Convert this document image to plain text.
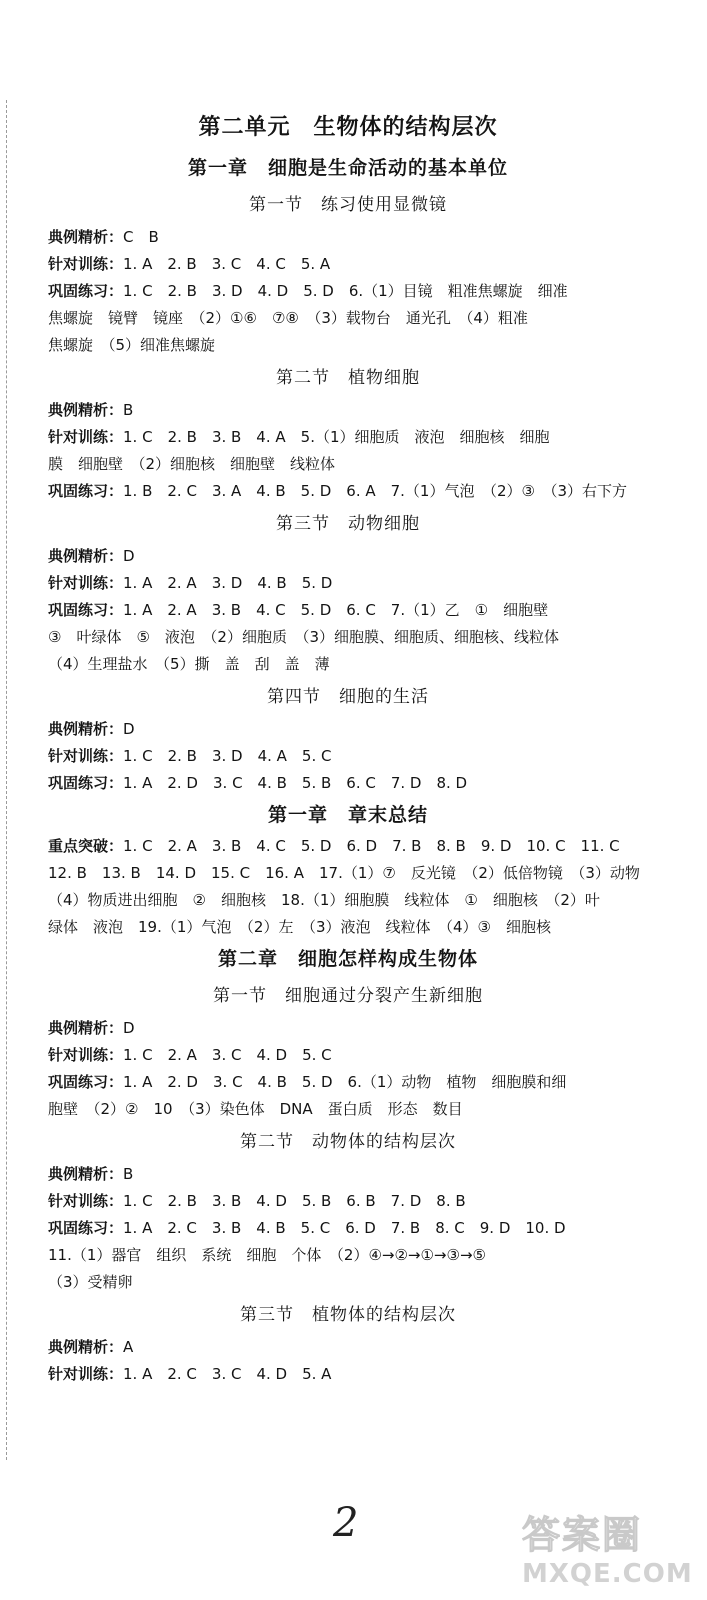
第二单元　生物体的结构层次
第一章　细胞是生命活动的基本单位
第一节　练习使用显微镜
典例精析：C　B
针对训练：1. A　2. B　3. C　4. C　5. A
巩固练习：1. C　2. B　3. D　4. D　5. D　6.（1）目镜　粗准焦螺旋　细准
焦螺旋　镜臂　镜座　（2）①⑥　⑦⑧　（3）载物台　通光孔　（4）粗准
焦螺旋　（5）细准焦螺旋
第二节　植物细胞
典例精析：B
针对训练：1. C　2. B　3. B　4. A　5.（1）细胞质　液泡　细胞核　细胞
膜　细胞壁　（2）细胞核　细胞壁　线粒体
巩固练习：1. B　2. C　3. A　4. B　5. D　6. A　7.（1）气泡　（2）③　（3）右下方
第三节　动物细胞
典例精析：D
针对训练：1. A　2. A　3. D　4. B　5. D
巩固练习：1. A　2. A　3. B　4. C　5. D　6. C　7.（1）乙　①　细胞壁
③　叶绿体　⑤　液泡　（2）细胞质　（3）细胞膜、细胞质、细胞核、线粒体
（4）生理盐水　（5）撕　盖　刮　盖　薄
第四节　细胞的生活
典例精析：D
针对训练：1. C　2. B　3. D　4. A　5. C
巩固练习：1. A　2. D　3. C　4. B　5. B　6. C　7. D　8. D
第一章　章末总结
重点突破：1. C　2. A　3. B　4. C　5. D　6. D　7. B　8. B　9. D　10. C　11. C
12. B　13. B　14. D　15. C　16. A　17.（1）⑦　反光镜　（2）低倍物镜　（3）动物
（4）物质进出细胞　②　细胞核　18.（1）细胞膜　线粒体　①　细胞核　（2）叶
绿体　液泡　19.（1）气泡　（2）左　（3）液泡　线粒体　（4）③　细胞核
第二章　细胞怎样构成生物体
第一节　细胞通过分裂产生新细胞
典例精析：D
针对训练：1. C　2. A　3. C　4. D　5. C
巩固练习：1. A　2. D　3. C　4. B　5. D　6.（1）动物　植物　细胞膜和细
胞壁　（2）②　10　（3）染色体　DNA　蛋白质　形态　数目
第二节　动物体的结构层次
典例精析：B
针对训练：1. C　2. B　3. B　4. D　5. B　6. B　7. D　8. B
巩固练习：1. A　2. C　3. B　4. B　5. C　6. D　7. B　8. C　9. D　10. D
11.（1）器官　组织　系统　细胞　个体　（2）④→②→①→③→⑤
（3）受精卵
第三节　植物体的结构层次
典例精析：A
针对训练：1. A　2. C　3. C　4. D　5. A
2	答案圈
MXQE.COM
